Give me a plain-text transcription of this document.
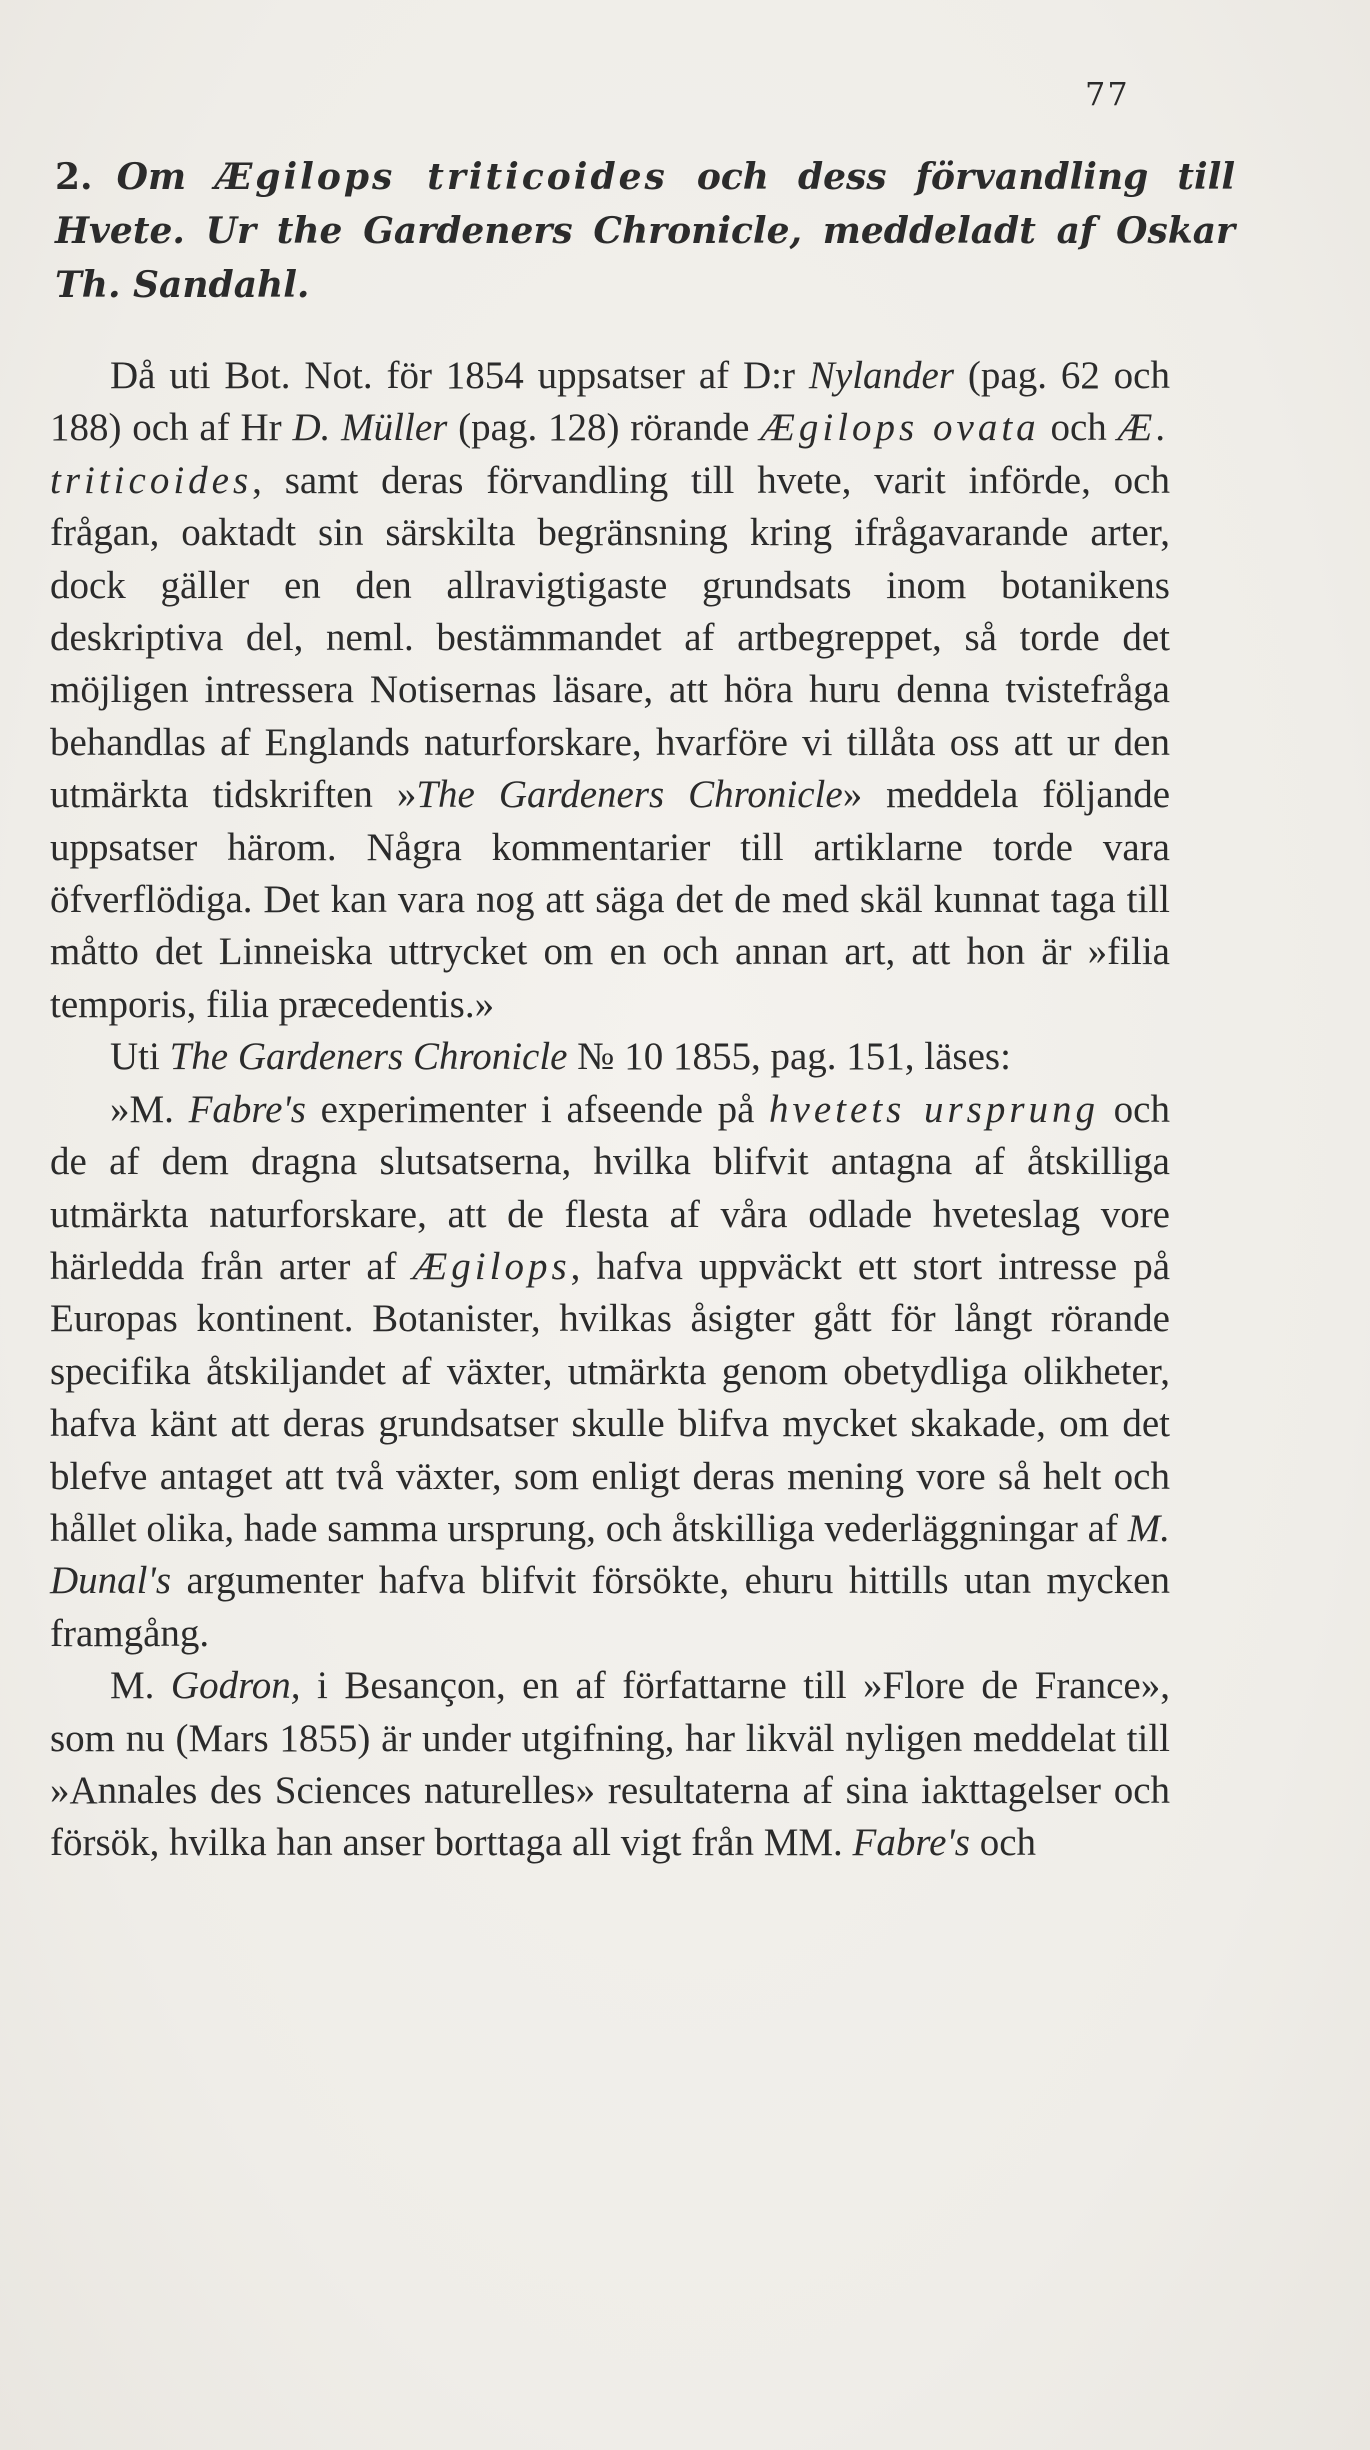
77

2. Om Ægilops triticoides och dess förvandling till Hvete. Ur the Gardeners Chronicle, meddeladt af Oskar Th. Sandahl.

Då uti Bot. Not. för 1854 uppsatser af D:r Nylander (pag. 62 och 188) och af Hr D. Müller (pag. 128) rörande Ægilops ovata och Æ. triticoides, samt deras förvandling till hvete, varit införde, och frågan, oaktadt sin särskilta begränsning kring ifrågavarande arter, dock gäller en den allravigtigaste grundsats inom botanikens deskriptiva del, neml. bestämmandet af artbegreppet, så torde det möjligen intressera Notisernas läsare, att höra huru denna tvistefråga behandlas af Englands naturforskare, hvarföre vi tillåta oss att ur den utmärkta tidskriften »The Gardeners Chronicle» meddela följande uppsatser härom. Några kommentarier till artiklarne torde vara öfverflödiga. Det kan vara nog att säga det de med skäl kunnat taga till måtto det Linneiska uttrycket om en och annan art, att hon är »filia temporis, filia præcedentis.»

Uti The Gardeners Chronicle № 10 1855, pag. 151, läses:

»M. Fabre's experimenter i afseende på hvetets ursprung och de af dem dragna slutsatserna, hvilka blifvit antagna af åtskilliga utmärkta naturforskare, att de flesta af våra odlade hveteslag vore härledda från arter af Ægilops, hafva uppväckt ett stort intresse på Europas kontinent. Botanister, hvilkas åsigter gått för långt rörande specifika åtskiljandet af växter, utmärkta genom obetydliga olikheter, hafva känt att deras grundsatser skulle blifva mycket skakade, om det blefve antaget att två växter, som enligt deras mening vore så helt och hållet olika, hade samma ursprung, och åtskilliga vederläggningar af M. Dunal's argumenter hafva blifvit försökte, ehuru hittills utan mycken framgång.

M. Godron, i Besançon, en af författarne till »Flore de France», som nu (Mars 1855) är under utgifning, har likväl nyligen meddelat till »Annales des Sciences naturelles» resultaterna af sina iakttagelser och försök, hvilka han anser borttaga all vigt från MM. Fabre's och
